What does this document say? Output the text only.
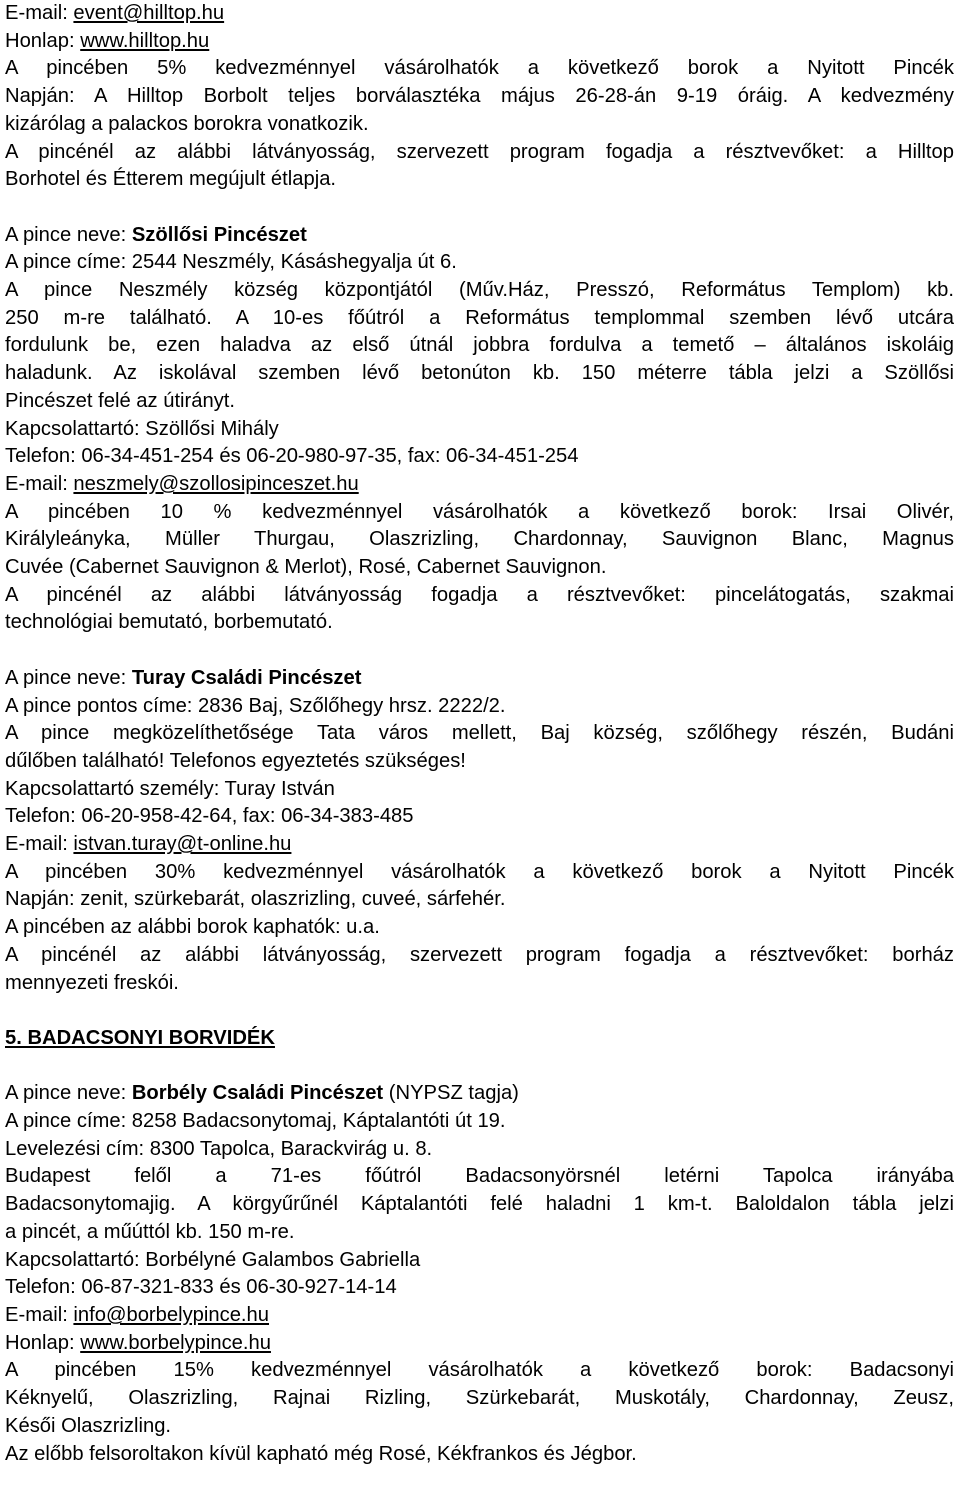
E-mail: event@hilltop.hu
Honlap: www.hilltop.hu
A pincében 5% kedvezménnyel vásárolhatók a következő borok a Nyitott Pincék
Napján: A Hilltop Borbolt teljes borválasztéka május 26-28-án 9-19 óráig. A kedvezmény
kizárólag a palackos borokra vonatkozik.
A pincénél az alábbi látványosság, szervezett program fogadja a résztvevőket: a Hilltop
Borhotel és Étterem megújult étlapja.
A pince neve: Szöllősi Pincészet
A pince címe: 2544 Neszmély, Kásáshegyalja út 6.
A pince Neszmély község központjától (Műv.Ház, Presszó, Református Templom) kb.
250 m-re található. A 10-es főútról a Református templommal szemben lévő utcára
fordulunk be, ezen haladva az első útnál jobbra fordulva a temető – általános iskoláig
haladunk. Az iskolával szemben lévő betonúton kb. 150 méterre tábla jelzi a Szöllősi
Pincészet felé az útirányt.
Kapcsolattartó: Szöllősi Mihály
Telefon: 06-34-451-254 és 06-20-980-97-35, fax: 06-34-451-254
E-mail: neszmely@szollosipinceszet.hu
A pincében 10 % kedvezménnyel vásárolhatók a következő borok: Irsai Olivér,
Királyleányka, Müller Thurgau, Olaszrizling, Chardonnay, Sauvignon Blanc, Magnus
Cuvée (Cabernet Sauvignon & Merlot), Rosé, Cabernet Sauvignon.
A pincénél az alábbi látványosság fogadja a résztvevőket: pincelátogatás, szakmai
technológiai bemutató, borbemutató.
A pince neve: Turay Családi Pincészet
A pince pontos címe: 2836 Baj, Szőlőhegy hrsz. 2222/2.
A pince megközelíthetősége Tata város mellett, Baj község, szőlőhegy részén, Budáni
dűlőben található! Telefonos egyeztetés szükséges!
Kapcsolattartó személy: Turay István
Telefon: 06-20-958-42-64, fax: 06-34-383-485
E-mail: istvan.turay@t-online.hu
A pincében 30% kedvezménnyel vásárolhatók a következő borok a Nyitott Pincék
Napján: zenit, szürkebarát, olaszrizling, cuveé, sárfehér.
A pincében az alábbi borok kaphatók: u.a.
A pincénél az alábbi látványosság, szervezett program fogadja a résztvevőket: borház
mennyezeti freskói.
5. BADACSONYI BORVIDÉK
A pince neve: Borbély Családi Pincészet (NYPSZ tagja)
A pince címe: 8258 Badacsonytomaj, Káptalantóti út 19.
Levelezési cím: 8300 Tapolca, Barackvirág u. 8.
Budapest felől a 71-es főútról Badacsonyörsnél letérni Tapolca irányába
Badacsonytomajig. A körgyűrűnél Káptalantóti felé haladni 1 km-t. Baloldalon tábla jelzi
a pincét, a műúttól kb. 150 m-re.
Kapcsolattartó: Borbélyné Galambos Gabriella
Telefon: 06-87-321-833 és 06-30-927-14-14
E-mail: info@borbelypince.hu
Honlap: www.borbelypince.hu
A pincében 15% kedvezménnyel vásárolhatók a következő borok: Badacsonyi
Kéknyelű, Olaszrizling, Rajnai Rizling, Szürkebarát, Muskotály, Chardonnay, Zeusz,
Késői Olaszrizling.
Az előbb felsoroltakon kívül kapható még Rosé, Kékfrankos és Jégbor.
